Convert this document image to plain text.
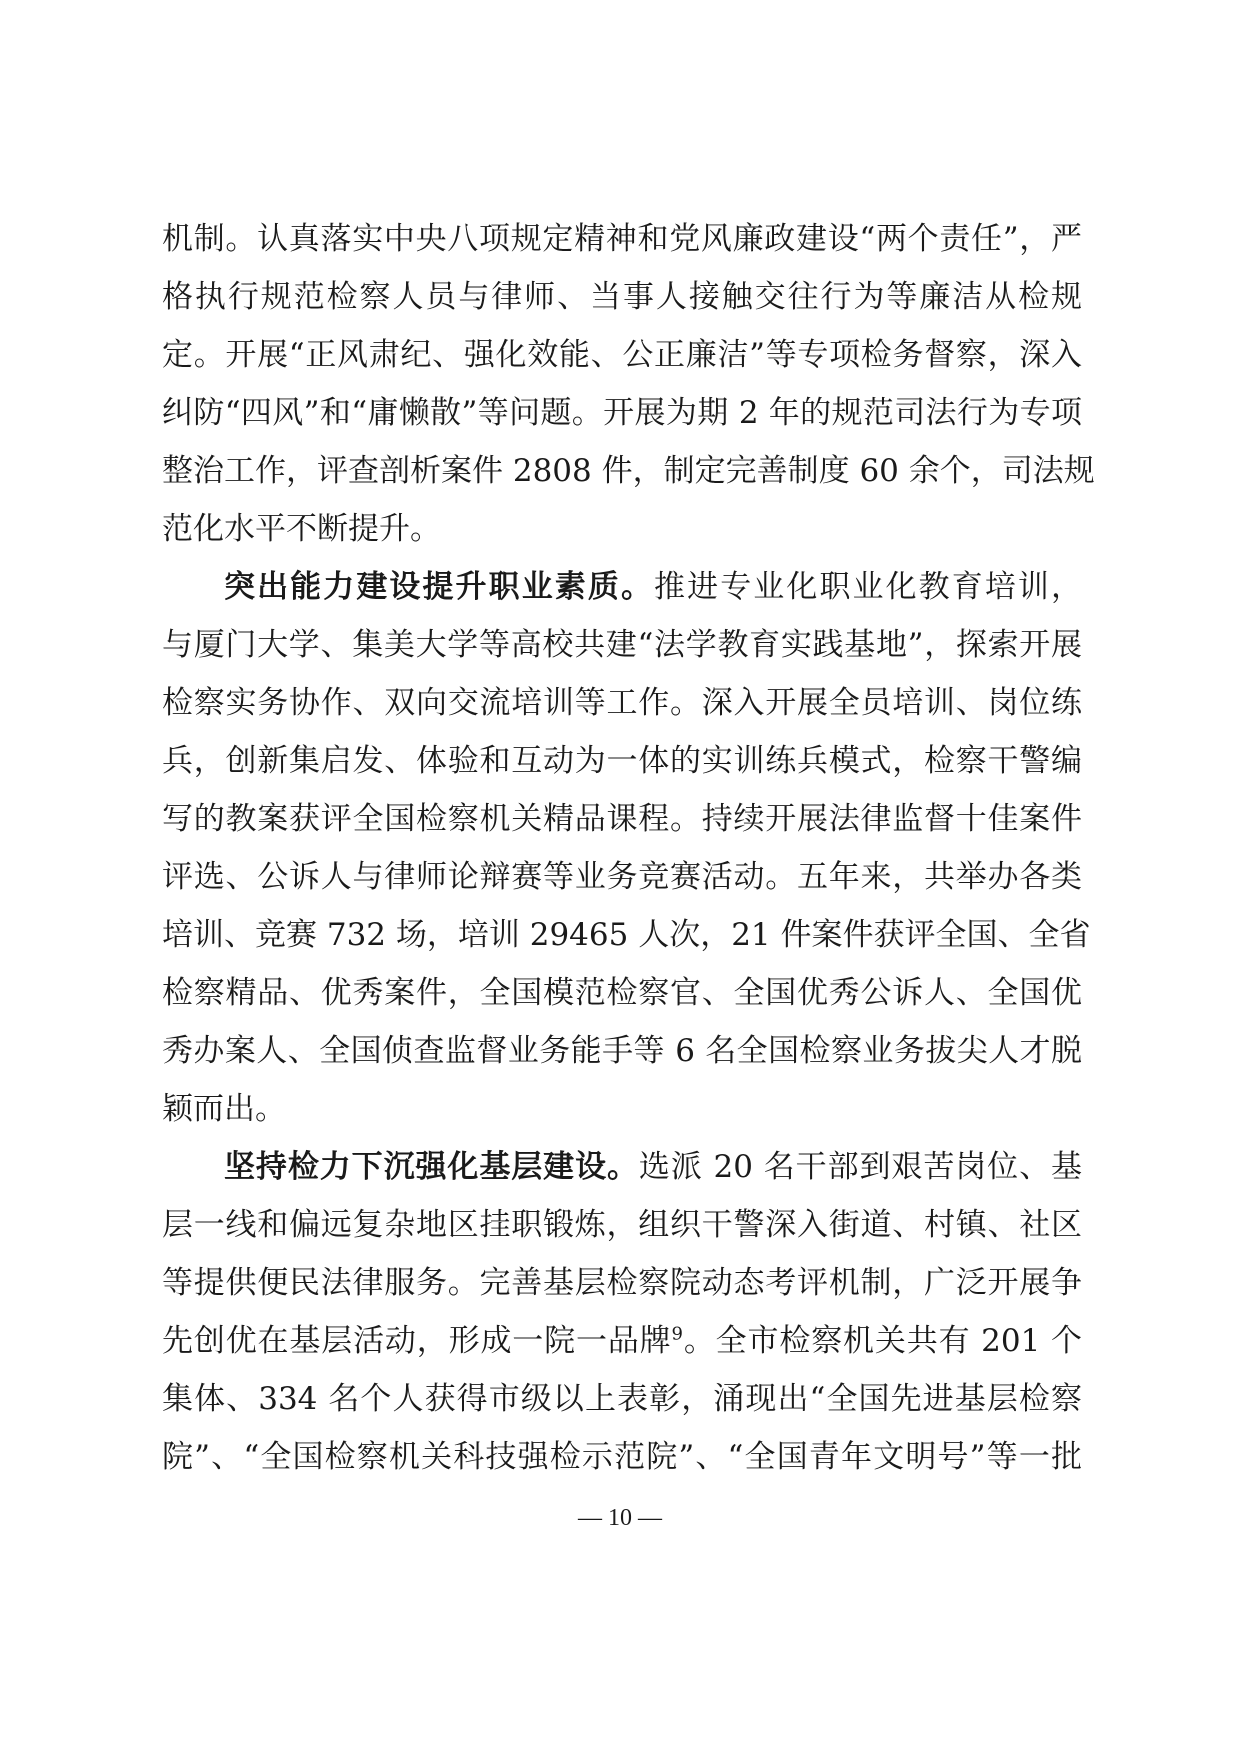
机制。认真落实中央八项规定精神和党风廉政建设“两个责任”，严
格执行规范检察人员与律师、当事人接触交往行为等廉洁从检规
定。开展“正风肃纪、强化效能、公正廉洁”等专项检务督察，深入
纠防“四风”和“庸懒散”等问题。开展为期 2 年的规范司法行为专项
整治工作，评查剖析案件 2808 件，制定完善制度 60 余个，司法规
范化水平不断提升。
突出能力建设提升职业素质。推进专业化职业化教育培训，
与厦门大学、集美大学等高校共建“法学教育实践基地”，探索开展
检察实务协作、双向交流培训等工作。深入开展全员培训、岗位练
兵，创新集启发、体验和互动为一体的实训练兵模式，检察干警编
写的教案获评全国检察机关精品课程。持续开展法律监督十佳案件
评选、公诉人与律师论辩赛等业务竞赛活动。五年来，共举办各类
培训、竞赛 732 场，培训 29465 人次，21 件案件获评全国、全省
检察精品、优秀案件，全国模范检察官、全国优秀公诉人、全国优
秀办案人、全国侦查监督业务能手等 6 名全国检察业务拔尖人才脱
颖而出。
坚持检力下沉强化基层建设。选派 20 名干部到艰苦岗位、基
层一线和偏远复杂地区挂职锻炼，组织干警深入街道、村镇、社区
等提供便民法律服务。完善基层检察院动态考评机制，广泛开展争
先创优在基层活动，形成一院一品牌$^9$。全市检察机关共有 201 个
集体、334 名个人获得市级以上表彰，涌现出“全国先进基层检察
院”、“全国检察机关科技强检示范院”、“全国青年文明号”等一批
— 10 —
